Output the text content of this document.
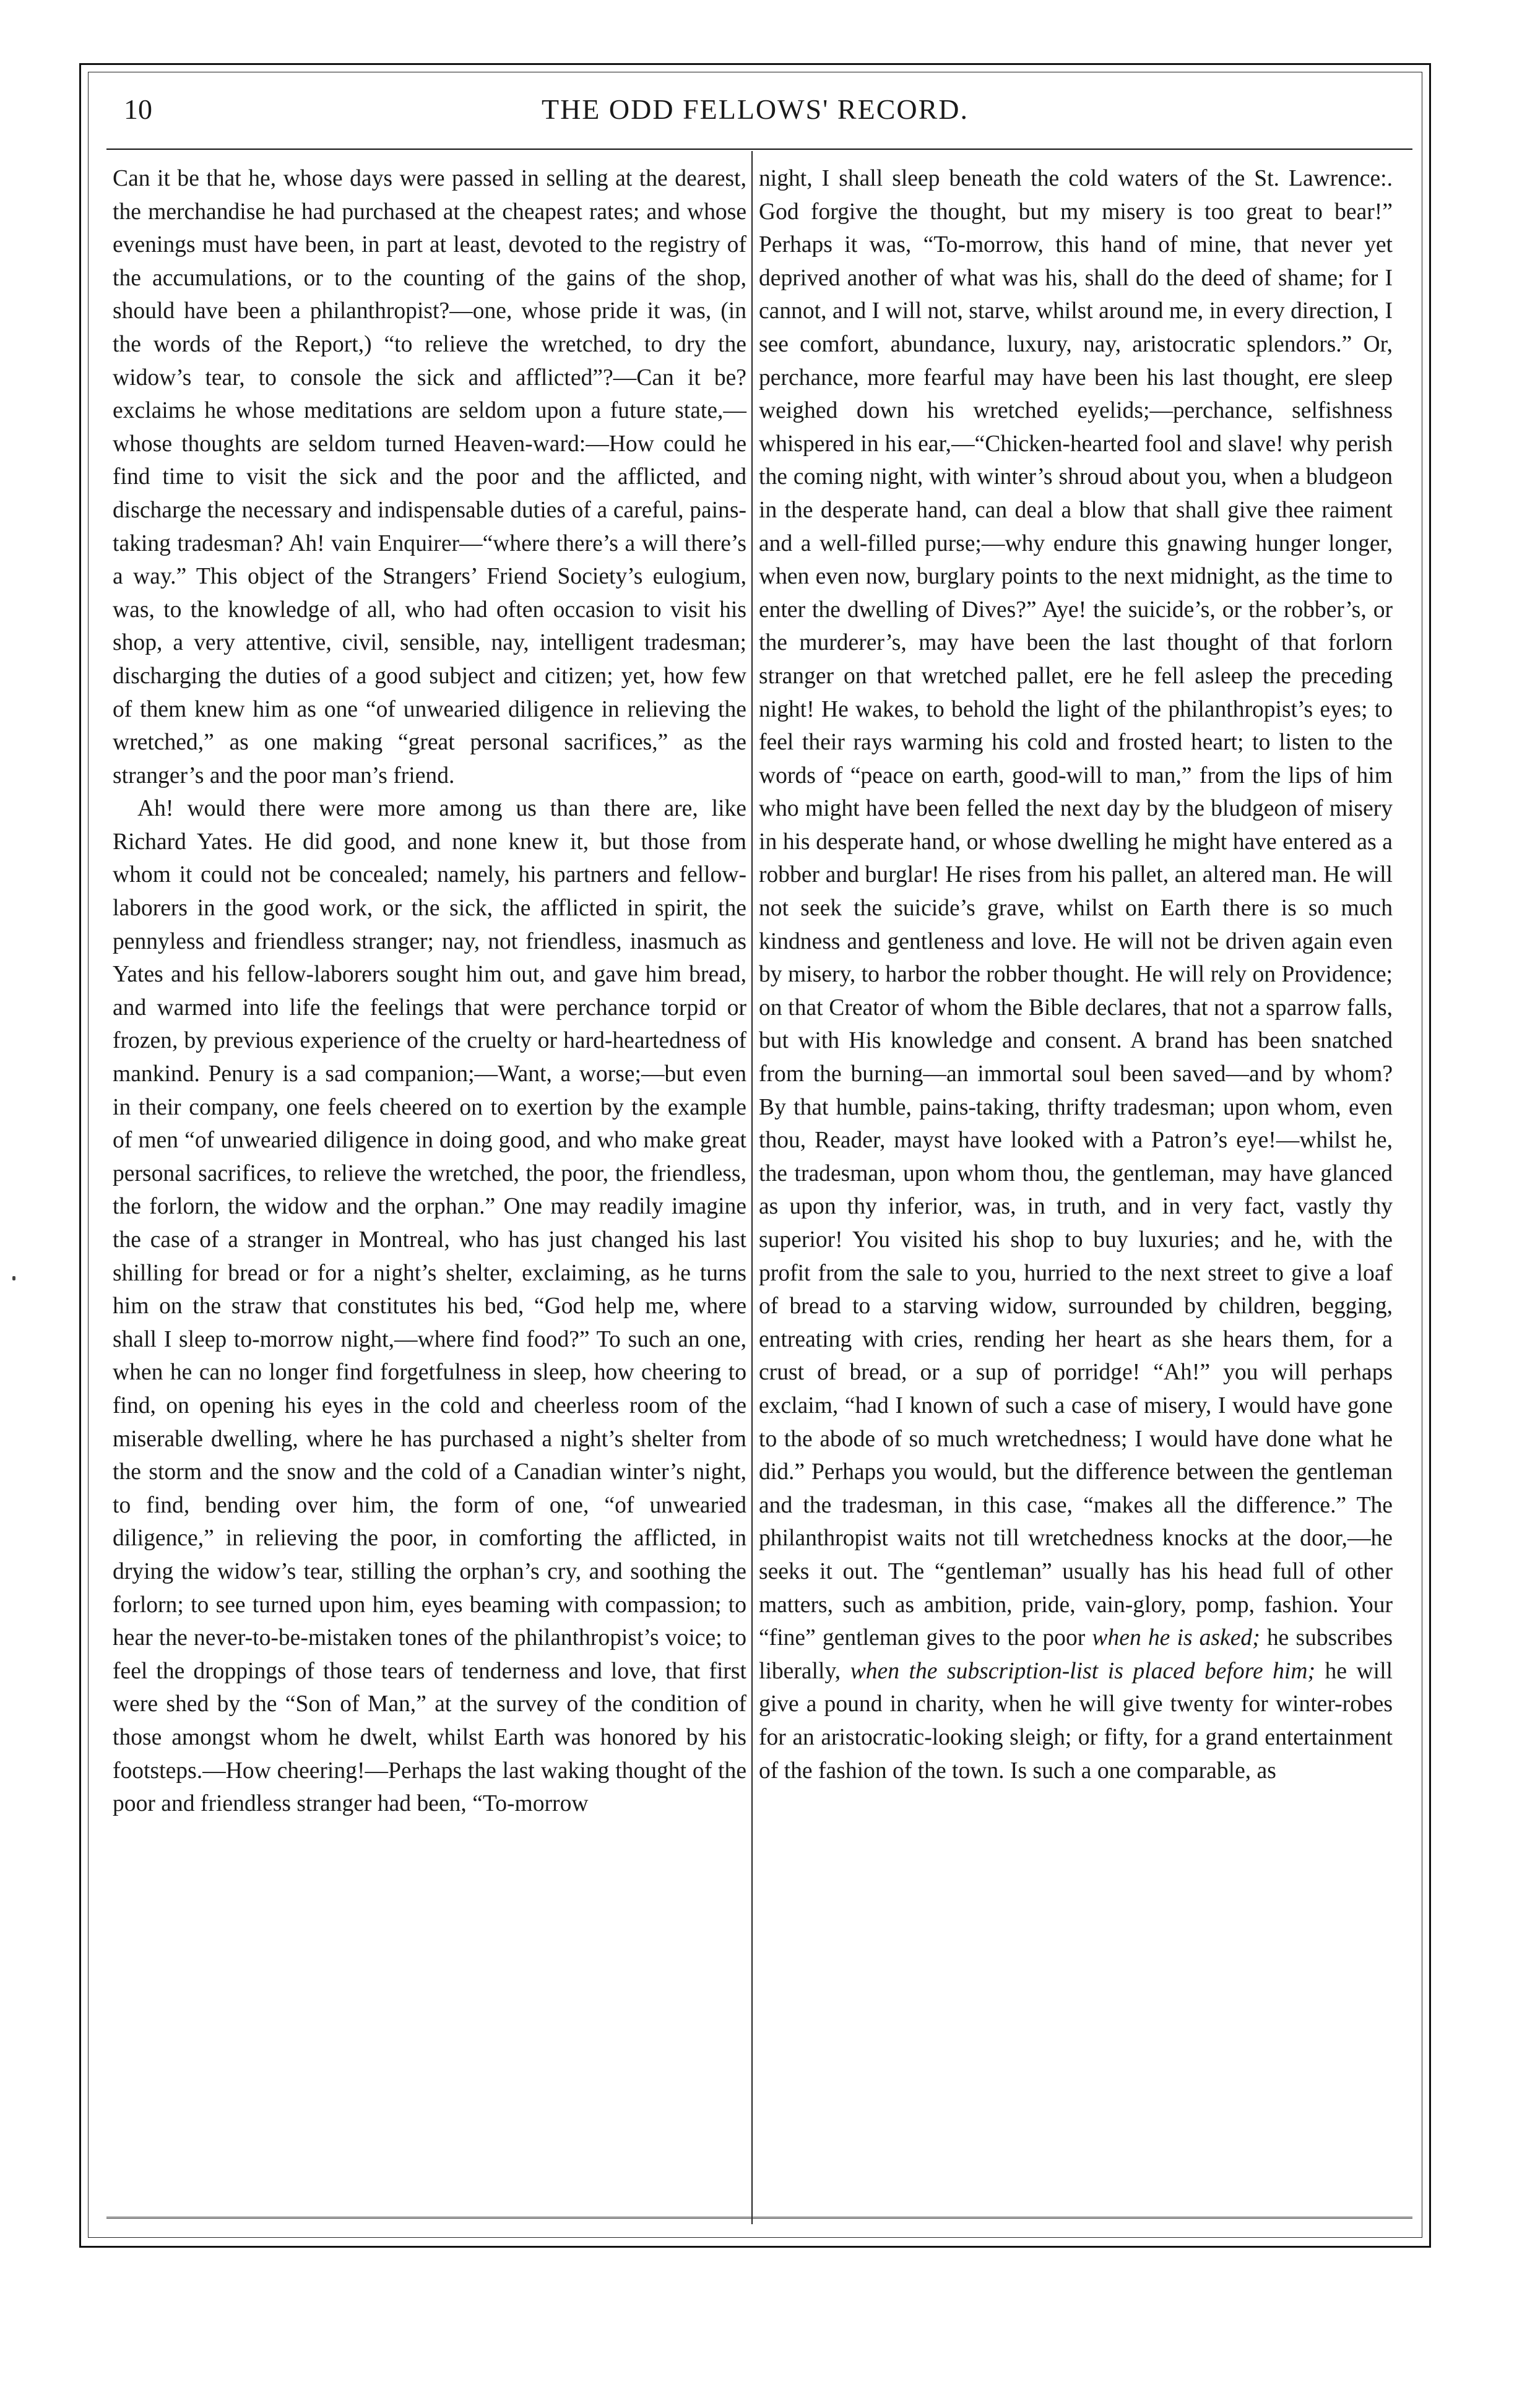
10	THE ODD FELLOWS' RECORD.

Can it be that he, whose days were passed in selling at the dearest, the merchandise he had purchased at the cheapest rates; and whose evenings must have been, in part at least, devoted to the registry of the accumulations, or to the counting of the gains of the shop, should have been a philanthropist?—one, whose pride it was, (in the words of the Report,) “to relieve the wretched, to dry the widow’s tear, to console the sick and afflicted”?—Can it be? exclaims he whose meditations are seldom upon a future state,—whose thoughts are seldom turned Heaven-ward:—How could he find time to visit the sick and the poor and the afflicted, and discharge the necessary and indispensable duties of a careful, pains-taking tradesman? Ah! vain Enquirer—“where there’s a will there’s a way.” This object of the Strangers’ Friend Society’s eulogium, was, to the knowledge of all, who had often occasion to visit his shop, a very attentive, civil, sensible, nay, intelligent tradesman; discharging the duties of a good subject and citizen; yet, how few of them knew him as one “of unwearied diligence in relieving the wretched,” as one making “great personal sacrifices,” as the stranger’s and the poor man’s friend.

Ah! would there were more among us than there are, like Richard Yates. He did good, and none knew it, but those from whom it could not be concealed; namely, his partners and fellow-laborers in the good work, or the sick, the afflicted in spirit, the pennyless and friendless stranger; nay, not friendless, inasmuch as Yates and his fellow-laborers sought him out, and gave him bread, and warmed into life the feelings that were perchance torpid or frozen, by previous experience of the cruelty or hard-heartedness of mankind. Penury is a sad companion;—Want, a worse;—but even in their company, one feels cheered on to exertion by the example of men “of unwearied diligence in doing good, and who make great personal sacrifices, to relieve the wretched, the poor, the friendless, the forlorn, the widow and the orphan.” One may readily imagine the case of a stranger in Montreal, who has just changed his last shilling for bread or for a night’s shelter, exclaiming, as he turns him on the straw that constitutes his bed, “God help me, where shall I sleep to-morrow night,—where find food?” To such an one, when he can no longer find forgetfulness in sleep, how cheering to find, on opening his eyes in the cold and cheerless room of the miserable dwelling, where he has purchased a night’s shelter from the storm and the snow and the cold of a Canadian winter’s night, to find, bending over him, the form of one, “of unwearied diligence,” in relieving the poor, in comforting the afflicted, in drying the widow’s tear, stilling the orphan’s cry, and soothing the forlorn; to see turned upon him, eyes beaming with compassion; to hear the never-to-be-mistaken tones of the philanthropist’s voice; to feel the droppings of those tears of tenderness and love, that first were shed by the “Son of Man,” at the survey of the condition of those amongst whom he dwelt, whilst Earth was honored by his footsteps.—How cheering!—Perhaps the last waking thought of the poor and friendless stranger had been, “To-morrow

night, I shall sleep beneath the cold waters of the St. Lawrence:. God forgive the thought, but my misery is too great to bear!” Perhaps it was, “To-morrow, this hand of mine, that never yet deprived another of what was his, shall do the deed of shame; for I cannot, and I will not, starve, whilst around me, in every direction, I see comfort, abundance, luxury, nay, aristocratic splendors.” Or, perchance, more fearful may have been his last thought, ere sleep weighed down his wretched eyelids;—perchance, selfishness whispered in his ear,—“Chicken-hearted fool and slave! why perish the coming night, with winter’s shroud about you, when a bludgeon in the desperate hand, can deal a blow that shall give thee raiment and a well-filled purse;—why endure this gnawing hunger longer, when even now, burglary points to the next midnight, as the time to enter the dwelling of Dives?” Aye! the suicide’s, or the robber’s, or the murderer’s, may have been the last thought of that forlorn stranger on that wretched pallet, ere he fell asleep the preceding night! He wakes, to behold the light of the philanthropist’s eyes; to feel their rays warming his cold and frosted heart; to listen to the words of “peace on earth, good-will to man,” from the lips of him who might have been felled the next day by the bludgeon of misery in his desperate hand, or whose dwelling he might have entered as a robber and burglar! He rises from his pallet, an altered man. He will not seek the suicide’s grave, whilst on Earth there is so much kindness and gentleness and love. He will not be driven again even by misery, to harbor the robber thought. He will rely on Providence; on that Creator of whom the Bible declares, that not a sparrow falls, but with His knowledge and consent. A brand has been snatched from the burning—an immortal soul been saved—and by whom? By that humble, pains-taking, thrifty tradesman; upon whom, even thou, Reader, mayst have looked with a Patron’s eye!—whilst he, the tradesman, upon whom thou, the gentleman, may have glanced as upon thy inferior, was, in truth, and in very fact, vastly thy superior! You visited his shop to buy luxuries; and he, with the profit from the sale to you, hurried to the next street to give a loaf of bread to a starving widow, surrounded by children, begging, entreating with cries, rending her heart as she hears them, for a crust of bread, or a sup of porridge! “Ah!” you will perhaps exclaim, “had I known of such a case of misery, I would have gone to the abode of so much wretchedness; I would have done what he did.” Perhaps you would, but the difference between the gentleman and the tradesman, in this case, “makes all the difference.” The philanthropist waits not till wretchedness knocks at the door,—he seeks it out. The “gentleman” usually has his head full of other matters, such as ambition, pride, vain-glory, pomp, fashion. Your “fine” gentleman gives to the poor when he is asked; he subscribes liberally, when the subscription-list is placed before him; he will give a pound in charity, when he will give twenty for winter-robes for an aristocratic-looking sleigh; or fifty, for a grand entertainment of the fashion of the town. Is such a one comparable, as
